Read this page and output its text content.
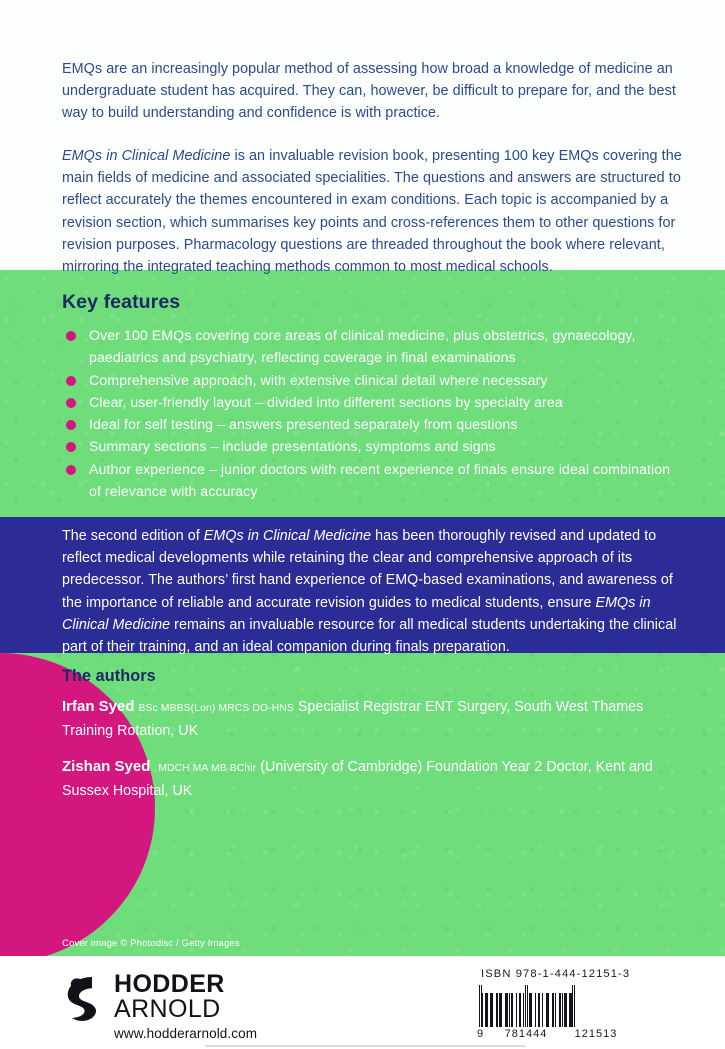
EMQs are an increasingly popular method of assessing how broad a knowledge of medicine an undergraduate student has acquired. They can, however, be difficult to prepare for, and the best way to build understanding and confidence is with practice.

EMQs in Clinical Medicine is an invaluable revision book, presenting 100 key EMQs covering the main fields of medicine and associated specialities. The questions and answers are structured to reflect accurately the themes encountered in exam conditions. Each topic is accompanied by a revision section, which summarises key points and cross-references them to other questions for revision purposes. Pharmacology questions are threaded throughout the book where relevant, mirroring the integrated teaching methods common to most medical schools.

Key features
Over 100 EMQs covering core areas of clinical medicine, plus obstetrics, gynaecology, paediatrics and psychiatry, reflecting coverage in final examinations
Comprehensive approach, with extensive clinical detail where necessary
Clear, user-friendly layout – divided into different sections by specialty area
Ideal for self testing – answers presented separately from questions
Summary sections – include presentations, symptoms and signs
Author experience – junior doctors with recent experience of finals ensure ideal combination of relevance with accuracy
The second edition of EMQs in Clinical Medicine has been thoroughly revised and updated to reflect medical developments while retaining the clear and comprehensive approach of its predecessor. The authors’ first hand experience of EMQ-based examinations, and awareness of the importance of reliable and accurate revision guides to medical students, ensure EMQs in Clinical Medicine remains an invaluable resource for all medical students undertaking the clinical part of their training, and an ideal companion during finals preparation.
The authors
Irfan Syed BSc MBBS(Lon) MRCS DO-HNS Specialist Registrar ENT Surgery, South West Thames Training Rotation, UK
Zishan Syed MDCH MA MB BChir (University of Cambridge) Foundation Year 2 Doctor, Kent and Sussex Hospital, UK
Cover image © Photodisc / Getty Images
HODDER
ARNOLD
www.hodderarnold.com
ISBN 978-1-444-12151-3
9	781444	121513
